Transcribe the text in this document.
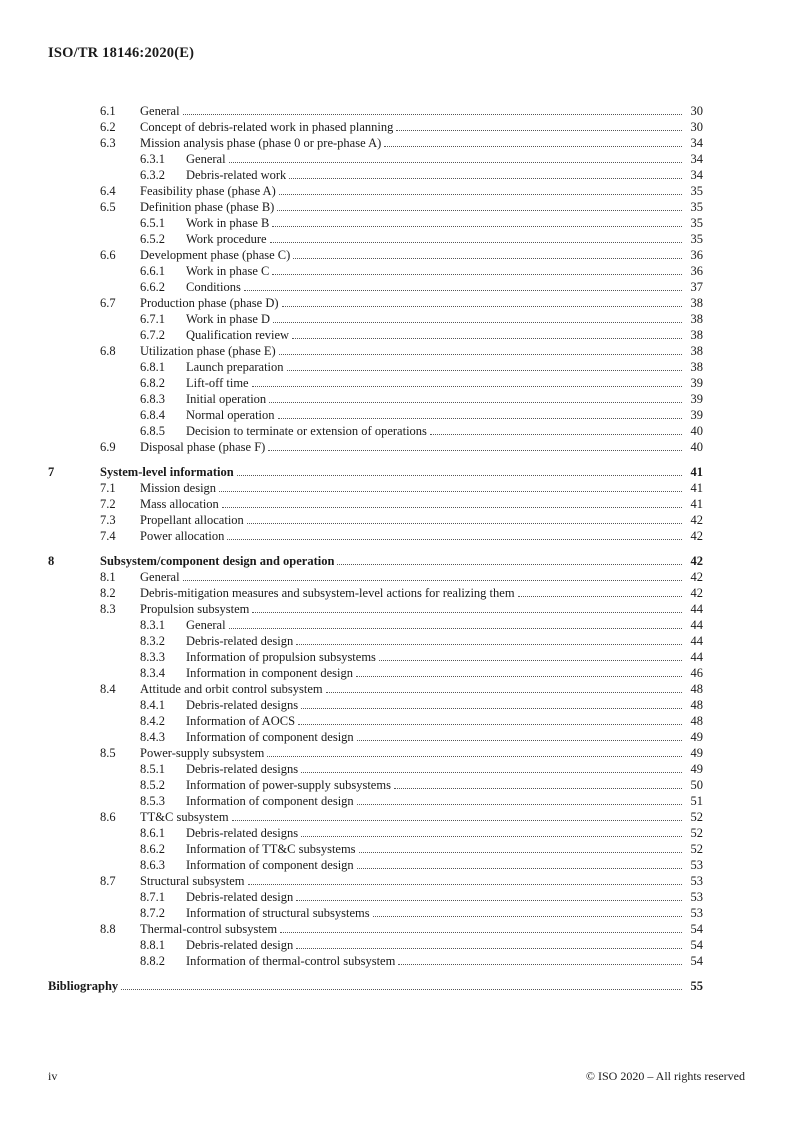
ISO/TR 18146:2020(E)
6.1	General	30
6.2	Concept of debris-related work in phased planning	30
6.3	Mission analysis phase (phase 0 or pre-phase A)	34
6.3.1	General	34
6.3.2	Debris-related work	34
6.4	Feasibility phase (phase A)	35
6.5	Definition phase (phase B)	35
6.5.1	Work in phase B	35
6.5.2	Work procedure	35
6.6	Development phase (phase C)	36
6.6.1	Work in phase C	36
6.6.2	Conditions	37
6.7	Production phase (phase D)	38
6.7.1	Work in phase D	38
6.7.2	Qualification review	38
6.8	Utilization phase (phase E)	38
6.8.1	Launch preparation	38
6.8.2	Lift-off time	39
6.8.3	Initial operation	39
6.8.4	Normal operation	39
6.8.5	Decision to terminate or extension of operations	40
6.9	Disposal phase (phase F)	40
7	System-level information	41
7.1	Mission design	41
7.2	Mass allocation	41
7.3	Propellant allocation	42
7.4	Power allocation	42
8	Subsystem/component design and operation	42
8.1	General	42
8.2	Debris-mitigation measures and subsystem-level actions for realizing them	42
8.3	Propulsion subsystem	44
8.3.1	General	44
8.3.2	Debris-related design	44
8.3.3	Information of propulsion subsystems	44
8.3.4	Information in component design	46
8.4	Attitude and orbit control subsystem	48
8.4.1	Debris-related designs	48
8.4.2	Information of AOCS	48
8.4.3	Information of component design	49
8.5	Power-supply subsystem	49
8.5.1	Debris-related designs	49
8.5.2	Information of power-supply subsystems	50
8.5.3	Information of component design	51
8.6	TT&C subsystem	52
8.6.1	Debris-related designs	52
8.6.2	Information of TT&C subsystems	52
8.6.3	Information of component design	53
8.7	Structural subsystem	53
8.7.1	Debris-related design	53
8.7.2	Information of structural subsystems	53
8.8	Thermal-control subsystem	54
8.8.1	Debris-related design	54
8.8.2	Information of thermal-control subsystem	54
Bibliography	55
iv	© ISO 2020 – All rights reserved
